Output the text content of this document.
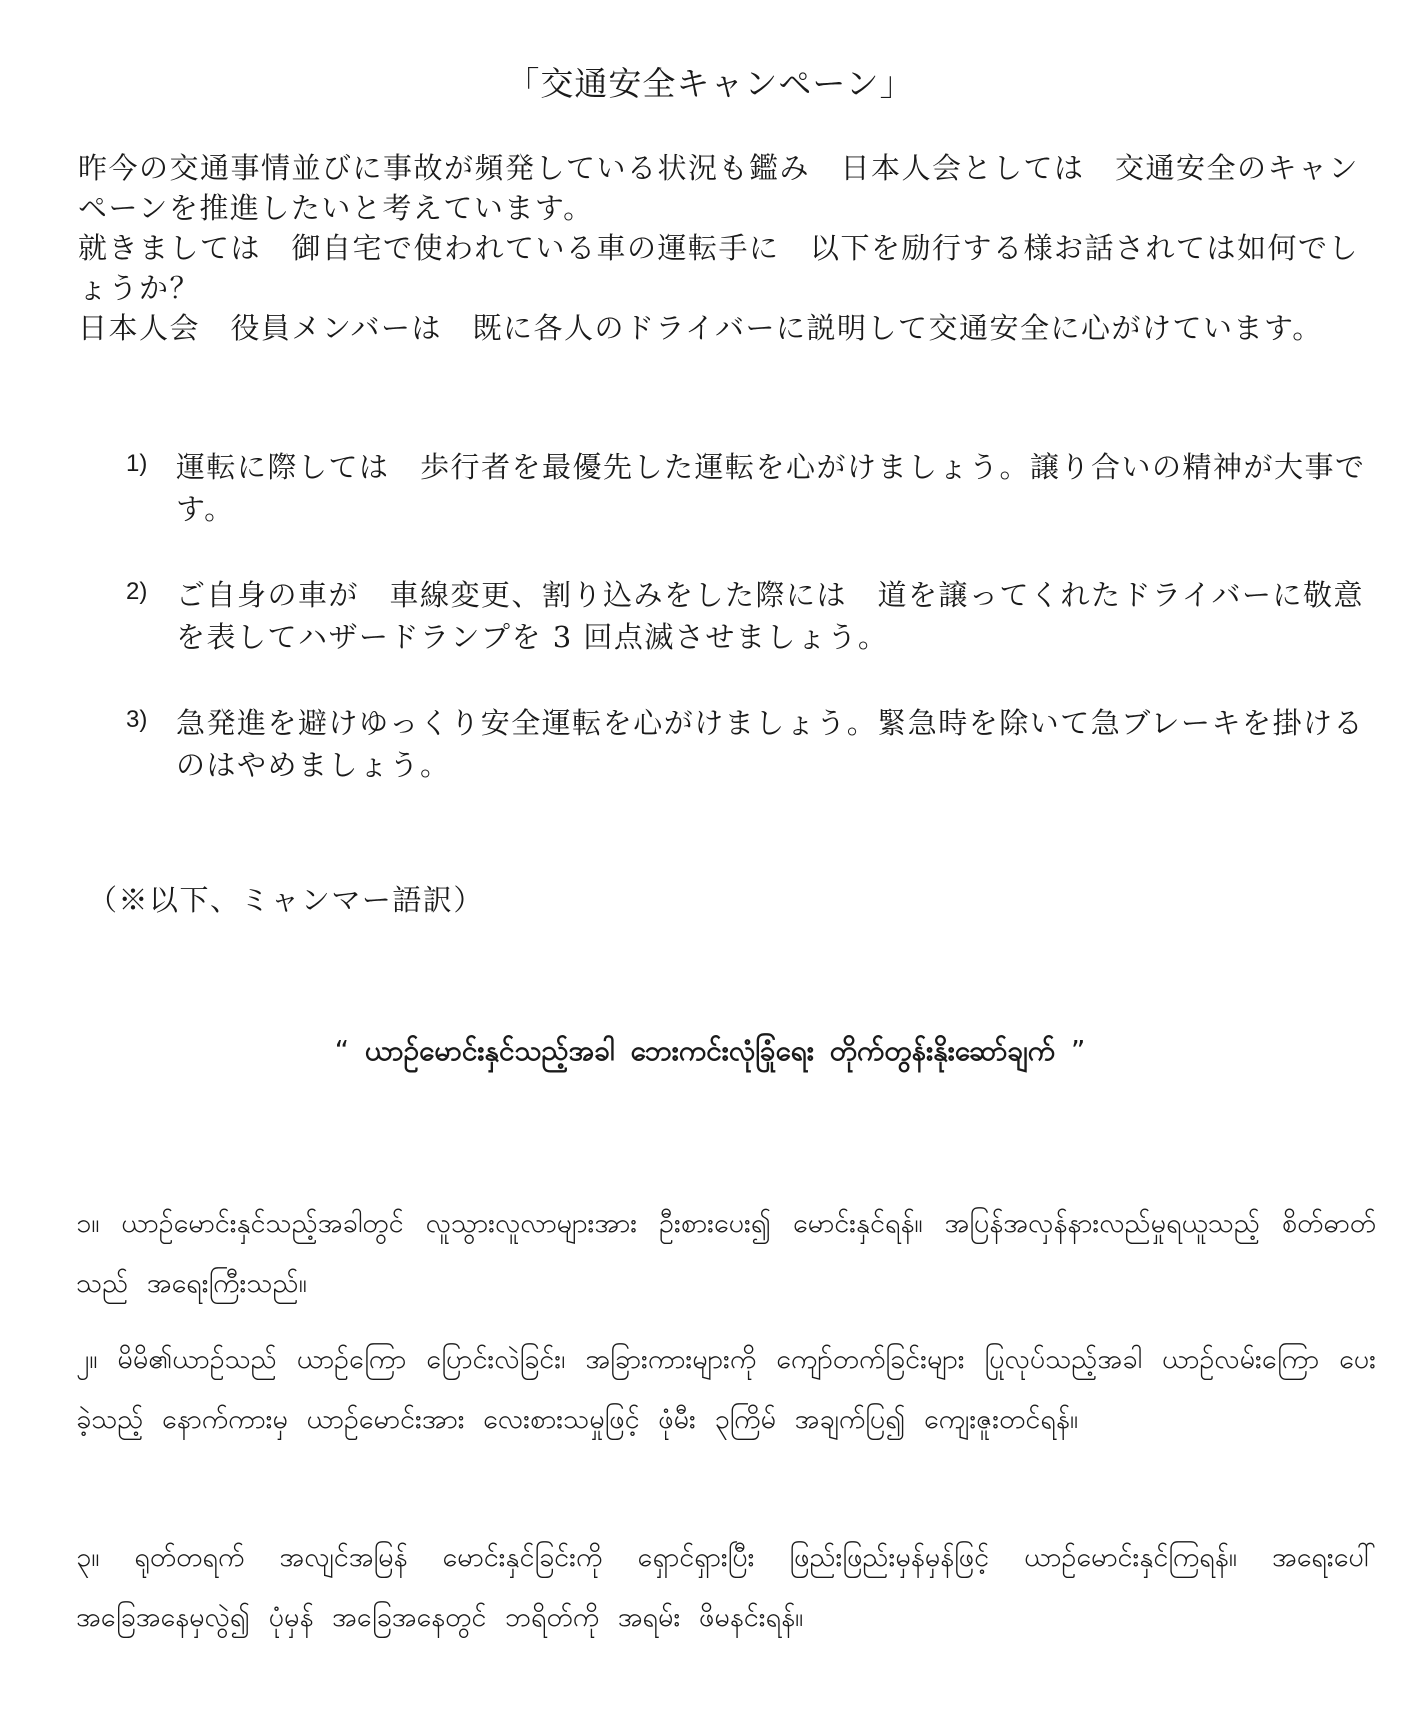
「交通安全キャンペーン」

昨今の交通事情並びに事故が頻発している状況も鑑み　日本人会としては　交通安全のキャンペーンを推進したいと考えています。

就きましては　御自宅で使われている車の運転手に　以下を励行する様お話されては如何でしょうか？

日本人会　役員メンバーは　既に各人のドライバーに説明して交通安全に心がけています。

1) 運転に際しては　歩行者を最優先した運転を心がけましょう。譲り合いの精神が大事です。
2) ご自身の車が　車線変更、割り込みをした際には　道を譲ってくれたドライバーに敬意を表してハザードランプを 3 回点滅させましょう。
3) 急発進を避けゆっくり安全運転を心がけましょう。緊急時を除いて急ブレーキを掛けるのはやめましょう。
（※以下、ミャンマー語訳）
“ ယာဉ်မောင်းနှင်သည့်အခါ ဘေးကင်းလုံခြုံရေး တိုက်တွန်းနိုးဆော်ချက် ”
၁။ ယာဉ်မောင်းနှင်သည့်အခါတွင် လူသွားလူလာများအား ဦးစားပေး၍ မောင်းနှင်ရန်။ အပြန်အလှန်နားလည်မှုရယူသည့် စိတ်ဓာတ်သည် အရေးကြီးသည်။
၂။ မိမိ၏ယာဉ်သည် ယာဉ်ကြော ပြောင်းလဲခြင်း၊ အခြားကားများကို ကျော်တက်ခြင်းများ ပြုလုပ်သည့်အခါ ယာဉ်လမ်းကြော ပေးခဲ့သည့် နောက်ကားမှ ယာဉ်မောင်းအား လေးစားသမှုဖြင့် ဖုံမီး ၃ကြိမ် အချက်ပြ၍ ကျေးဇူးတင်ရန်။
၃။ ရုတ်တရက် အလျင်အမြန် မောင်းနှင်ခြင်းကို ရှောင်ရှားပြီး ဖြည်းဖြည်းမှန်မှန်ဖြင့် ယာဉ်မောင်းနှင်ကြရန်။ အရေးပေါ် အခြေအနေမှလွဲ၍ ပုံမှန် အခြေအနေတွင် ဘရိတ်ကို အရမ်း ဖိမနင်းရန်။
